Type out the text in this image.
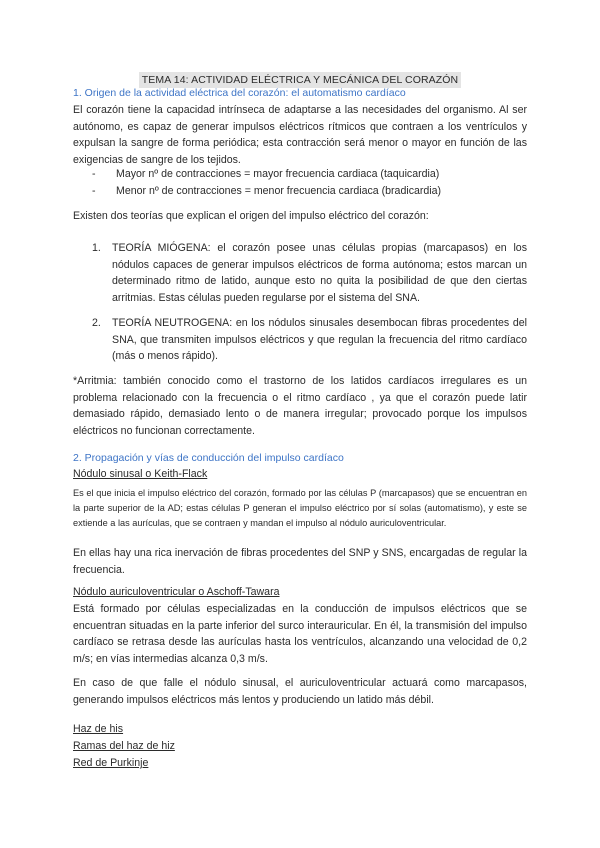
TEMA 14: ACTIVIDAD ELÉCTRICA Y MECÁNICA DEL CORAZÓN
1. Origen de la actividad eléctrica del corazón: el automatismo cardíaco

El corazón tiene la capacidad intrínseca de adaptarse a las necesidades del organismo. Al ser autónomo, es capaz de generar impulsos eléctricos rítmicos que contraen a los ventrículos y expulsan la sangre de forma periódica; esta contracción será menor o mayor en función de las exigencias de sangre de los tejidos.

- Mayor nº de contracciones = mayor frecuencia cardiaca (taquicardia)
- Menor nº de contracciones = menor frecuencia cardiaca (bradicardia)

Existen dos teorías que explican el origen del impulso eléctrico del corazón:

1. TEORÍA MIÓGENA: el corazón posee unas células propias (marcapasos) en los nódulos capaces de generar impulsos eléctricos de forma autónoma; estos marcan un determinado ritmo de latido, aunque esto no quita la posibilidad de que den ciertas arritmias. Estas células pueden regularse por el sistema del SNA.
2. TEORÍA NEUTROGENA: en los nódulos sinusales desembocan fibras procedentes del SNA, que transmiten impulsos eléctricos y que regulan la frecuencia del ritmo cardíaco (más o menos rápido).

*Arritmia: también conocido como el trastorno de los latidos cardíacos irregulares es un problema relacionado con la frecuencia o el ritmo cardíaco , ya que el corazón puede latir demasiado rápido, demasiado lento o de manera irregular; provocado porque los impulsos eléctricos no funcionan correctamente.

2. Propagación y vías de conducción del impulso cardíaco
Nódulo sinusal o Keith-Flack

Es el que inicia el impulso eléctrico del corazón, formado por las células P (marcapasos) que se encuentran en la parte superior de la AD; estas células P generan el impulso eléctrico por sí solas (automatismo), y este se extiende a las aurículas, que se contraen y mandan el impulso al nódulo auriculoventricular.

En ellas hay una rica inervación de fibras procedentes del SNP y SNS, encargadas de regular la frecuencia.

Nódulo auriculoventricular o Aschoff-Tawara

Está formado por células especializadas en la conducción de impulsos eléctricos que se encuentran situadas en la parte inferior del surco interauricular. En él, la transmisión del impulso cardíaco se retrasa desde las aurículas hasta los ventrículos, alcanzando una velocidad de 0,2 m/s; en vías intermedias alcanza 0,3 m/s.

En caso de que falle el nódulo sinusal, el auriculoventricular actuará como marcapasos, generando impulsos eléctricos más lentos y produciendo un latido más débil.

Haz de his
Ramas del haz de hiz
Red de Purkinje
